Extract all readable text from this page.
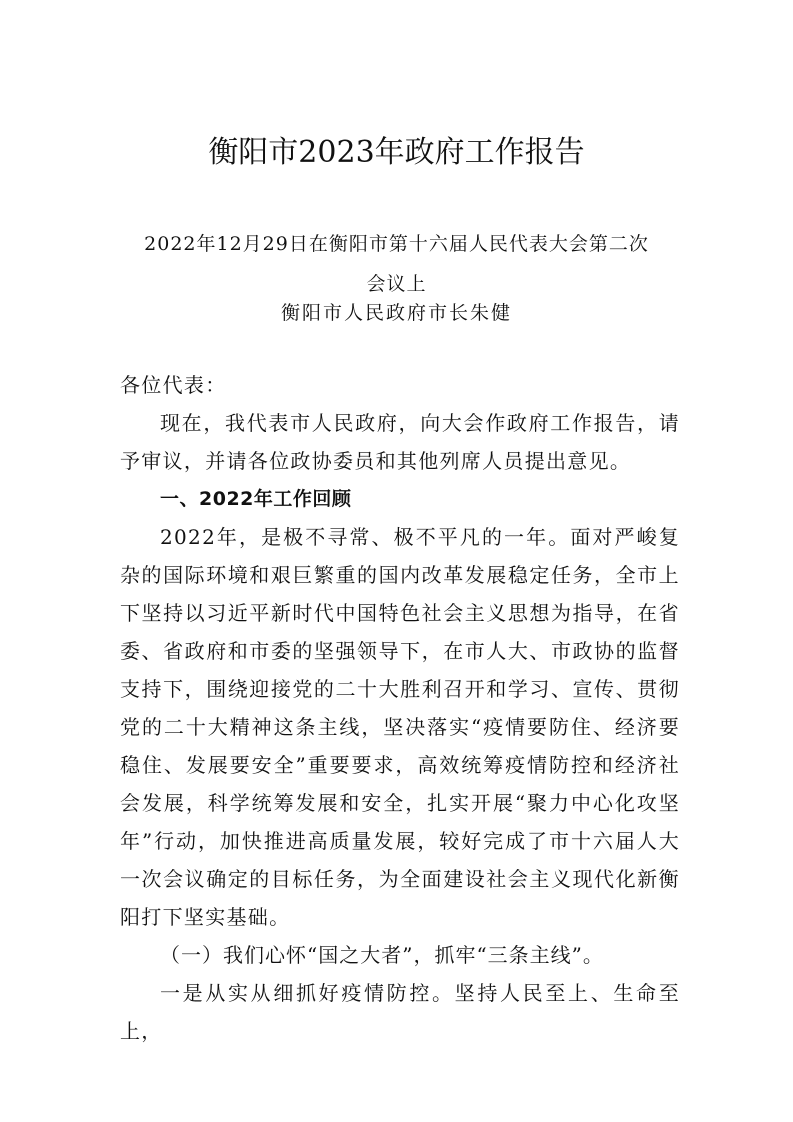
衡阳市2023年政府工作报告

2022年12月29日在衡阳市第十六届人民代表大会第二次

会议上

衡阳市人民政府市长朱健

各位代表：

现在，我代表市人民政府，向大会作政府工作报告，请予审议，并请各位政协委员和其他列席人员提出意见。

一、2022年工作回顾

2022年，是极不寻常、极不平凡的一年。面对严峻复杂的国际环境和艰巨繁重的国内改革发展稳定任务，全市上下坚持以习近平新时代中国特色社会主义思想为指导，在省委、省政府和市委的坚强领导下，在市人大、市政协的监督支持下，围绕迎接党的二十大胜利召开和学习、宣传、贯彻党的二十大精神这条主线，坚决落实“疫情要防住、经济要稳住、发展要安全”重要要求，高效统筹疫情防控和经济社会发展，科学统筹发展和安全，扎实开展“聚力中心化攻坚年”行动，加快推进高质量发展，较好完成了市十六届人大一次会议确定的目标任务，为全面建设社会主义现代化新衡阳打下坚实基础。

（一）我们心怀“国之大者”，抓牢“三条主线”。

一是从实从细抓好疫情防控。坚持人民至上、生命至上，
